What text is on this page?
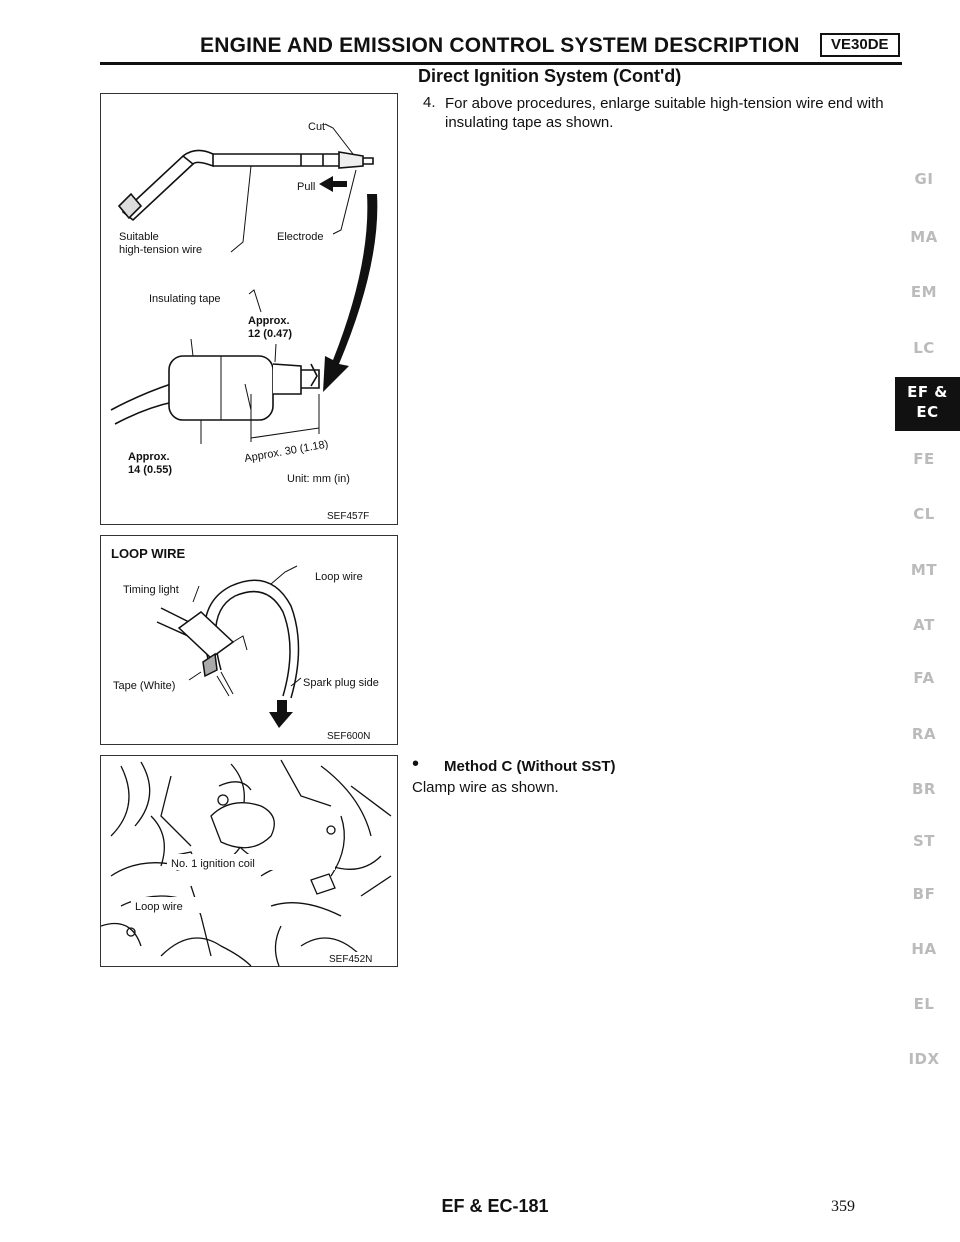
ENGINE AND EMISSION CONTROL SYSTEM DESCRIPTION	VE30DE
Direct Ignition System (Cont'd)
Cut
Pull
Suitable
high-tension wire
Electrode
Insulating tape
Approx.
12 (0.47)
Approx.
14 (0.55)
Approx. 30 (1.18)
Unit: mm (in)
SEF457F
LOOP WIRE
Timing light
Loop wire
Tape (White)	Spark plug side
SEF600N
No. 1 ignition coil
Loop wire
SEF452N
4. For above procedures, enlarge suitable high-tension wire end with insulating tape as shown.
• Method C (Without SST)
Clamp wire as shown.
GI
MA
EM
LC
FE
CL
MT
AT
FA
RA
BR
ST
BF
HA
EL
IDX
EF &
EC
EF & EC-181	359
